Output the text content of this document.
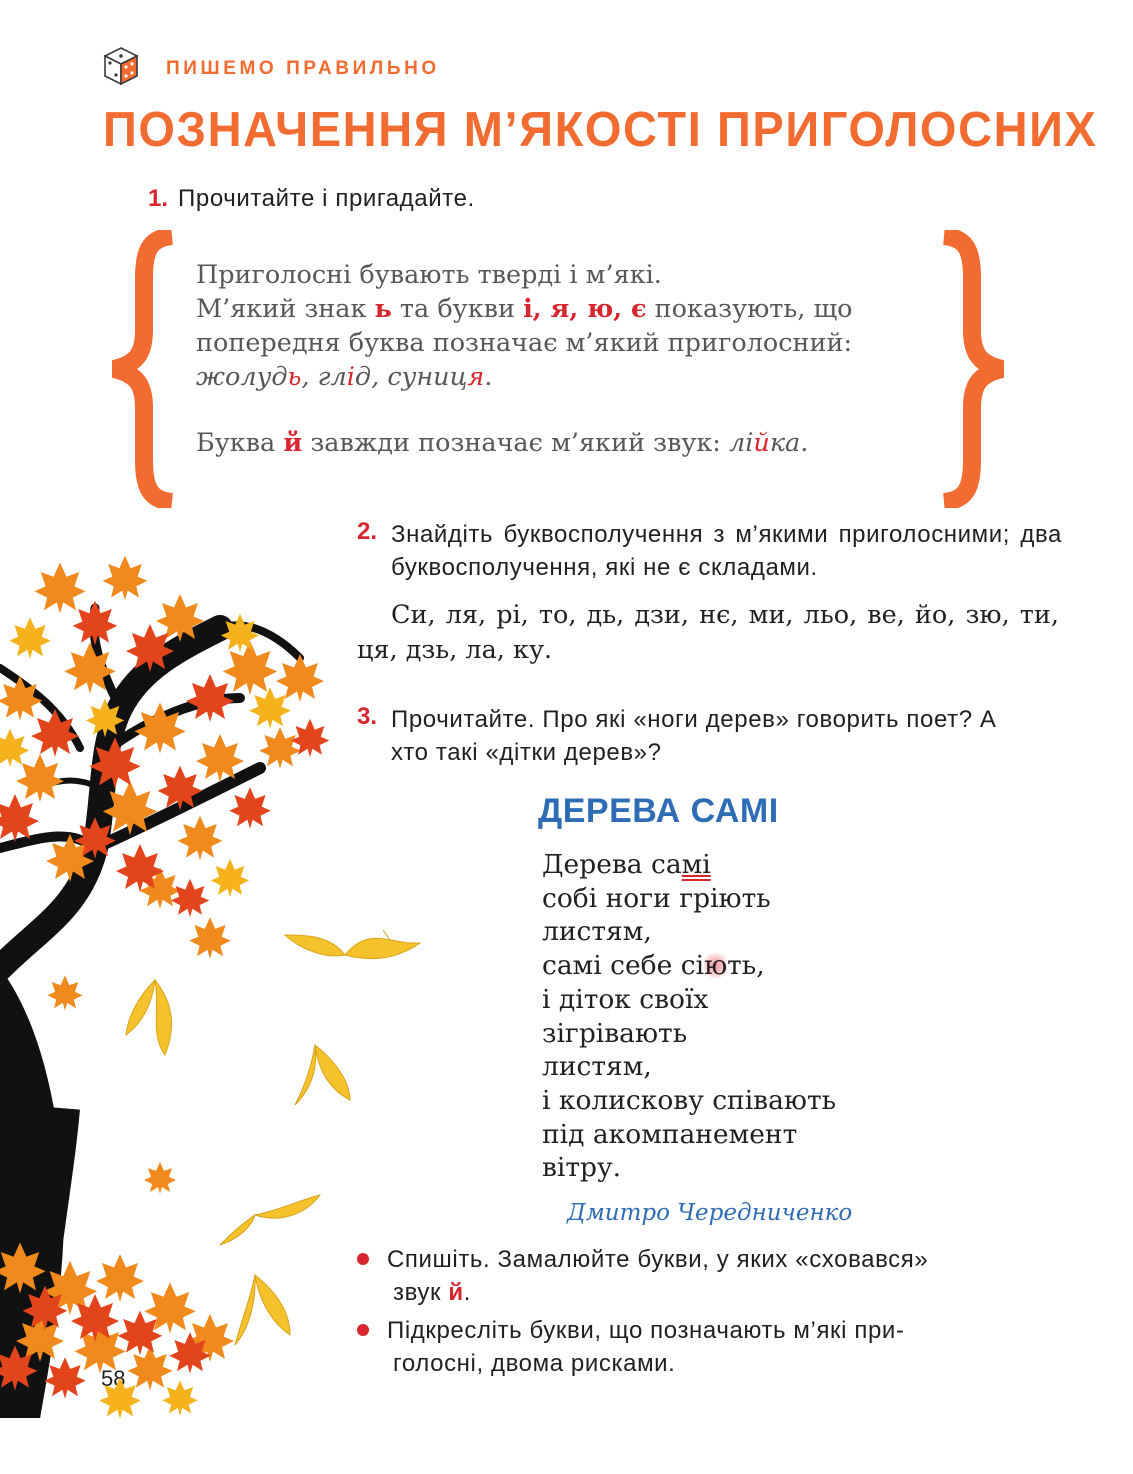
ПИШЕМО ПРАВИЛЬНО
ПОЗНАЧЕННЯ М’ЯКОСТІ ПРИГОЛОСНИХ
1. Прочитайте і пригадайте.

Приголосні бувають тверді і м’які.

М’який знак ь та букви і, я, ю, є показують, що

попередня буква позначає м’який приголосний:

жолудь, глід, суниця.

Буква й завжди позначає м’який звук: лійка.

2. Знайдіть буквосполучення з м’якими приголосними; два буквосполучення, які не є складами.
Си, ля, рі, то, дь, дзи, нє, ми, льо, ве, йо, зю, ти, ця, дзь, ла, ку.
3. Прочитайте. Про які «ноги дерев» говорить поет? А хто такі «дітки дерев»?
ДЕРЕВА САМІ
Дерева самі
собі ноги гріють
листям,
самі себе сіють,
і діток своїх
зігрівають
листям,
і колискову співають
під акомпанемент
вітру.
Дмитро Чередниченко
Спишіть. Замалюйте букви, у яких «сховався»
звук й.
Підкресліть букви, що позначають м’які при-
голосні, двома рисками.
58
